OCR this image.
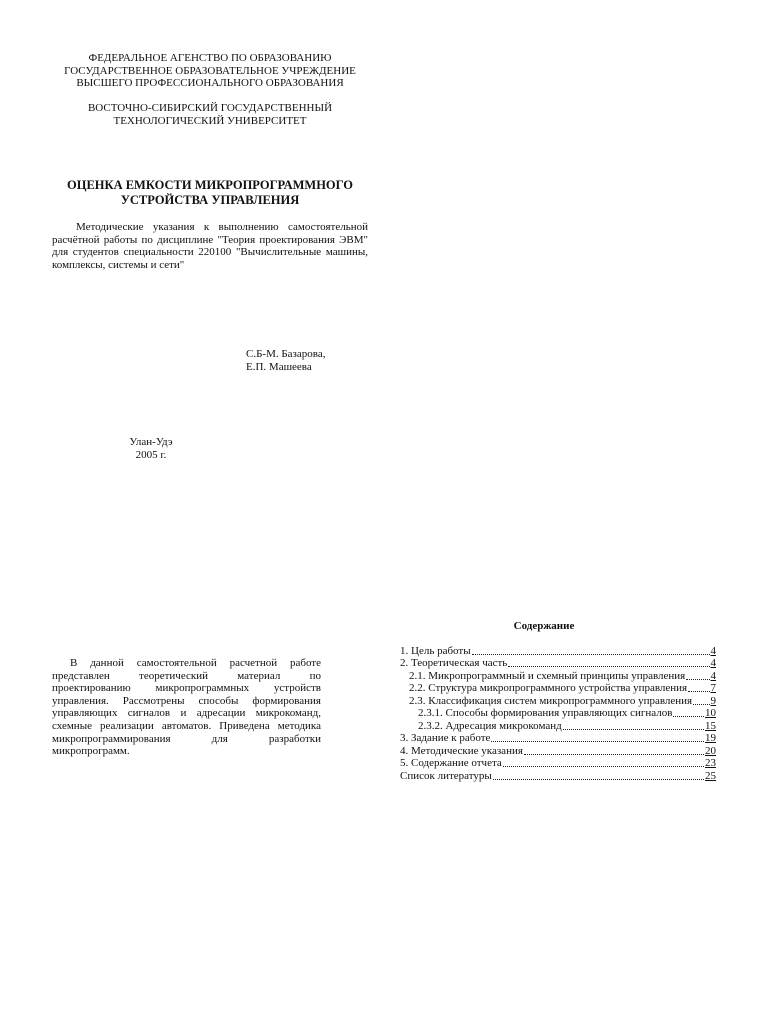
ФЕДЕРАЛЬНОЕ АГЕНСТВО ПО ОБРАЗОВАНИЮ
ГОСУДАРСТВЕННОЕ ОБРАЗОВАТЕЛЬНОЕ УЧРЕЖДЕНИЕ
ВЫСШЕГО ПРОФЕССИОНАЛЬНОГО ОБРАЗОВАНИЯ
ВОСТОЧНО-СИБИРСКИЙ ГОСУДАРСТВЕННЫЙ
ТЕХНОЛОГИЧЕСКИЙ УНИВЕРСИТЕТ
ОЦЕНКА ЕМКОСТИ МИКРОПРОГРАММНОГО
УСТРОЙСТВА УПРАВЛЕНИЯ
Методические указания к выполнению самостоятельной расчётной работы по дисциплине "Теория проектирования ЭВМ" для студентов специальности 220100 "Вычислительные машины, комплексы, системы и сети"
С.Б-М. Базарова,
Е.П. Машеева
Улан-Удэ
2005 г.
В данной самостоятельной расчетной работе представлен теоретический материал по проектированию микропрограммных устройств управления. Рассмотрены способы формирования управляющих сигналов и адресации микрокоманд, схемные реализации автоматов. Приведена методика микропрограммирования для разработки микропрограмм.
Содержание
1. Цель работы	4
2. Теоретическая часть	4
2.1. Микропрограммный и схемный принципы управления 4
2.2. Структура микропрограммного устройства управления 7
2.3. Классификация систем микропрограммного управления 9
2.3.1. Способы формирования управляющих сигналов	10
2.3.2. Адресация микрокоманд	15
3. Задание к работе	19
4. Методические указания	20
5. Содержание отчета	23
Список литературы	25
